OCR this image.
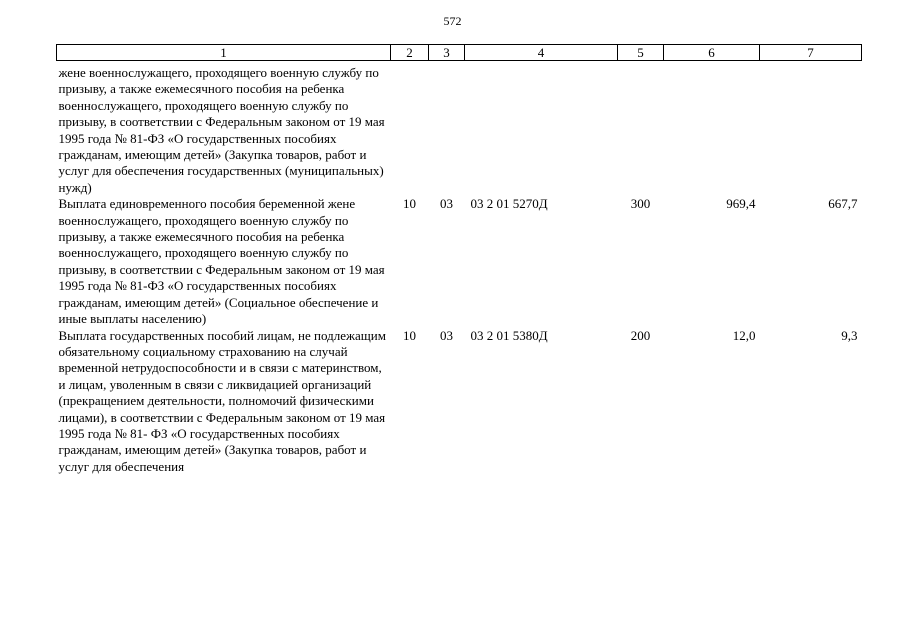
572
1	2	3	4	5	6	7
жене военнослужащего, проходящего военную службу по призыву, а также ежемесячного пособия на ребенка военнослужащего, проходящего военную службу по призыву, в соответствии с Федеральным законом от 19 мая 1995 года № 81-ФЗ «О государственных пособиях гражданам, имеющим детей» (Закупка товаров, работ и услуг для обеспечения государственных (муниципальных) нужд)						
Выплата единовременного пособия беременной жене военнослужащего, проходящего военную службу по призыву, а также ежемесячного пособия на ребенка военнослужащего, проходящего военную службу по призыву, в соответствии с Федеральным законом от 19 мая 1995 года № 81-ФЗ «О государственных пособиях гражданам, имеющим детей» (Социальное обеспечение и иные выплаты населению)	10	03	03 2 01 5270Д	300	969,4	667,7
Выплата государственных пособий лицам, не подлежащим обязательному социальному страхованию на случай временной нетрудоспособности и в связи с материнством, и лицам, уволенным в связи с ликвидацией организаций (прекращением деятельности, полномочий физическими лицами), в соответствии с Федеральным законом от 19 мая 1995 года № 81- ФЗ «О государственных пособиях гражданам, имеющим детей» (Закупка товаров, работ и услуг для обеспечения	10	03	03 2 01 5380Д	200	12,0	9,3
